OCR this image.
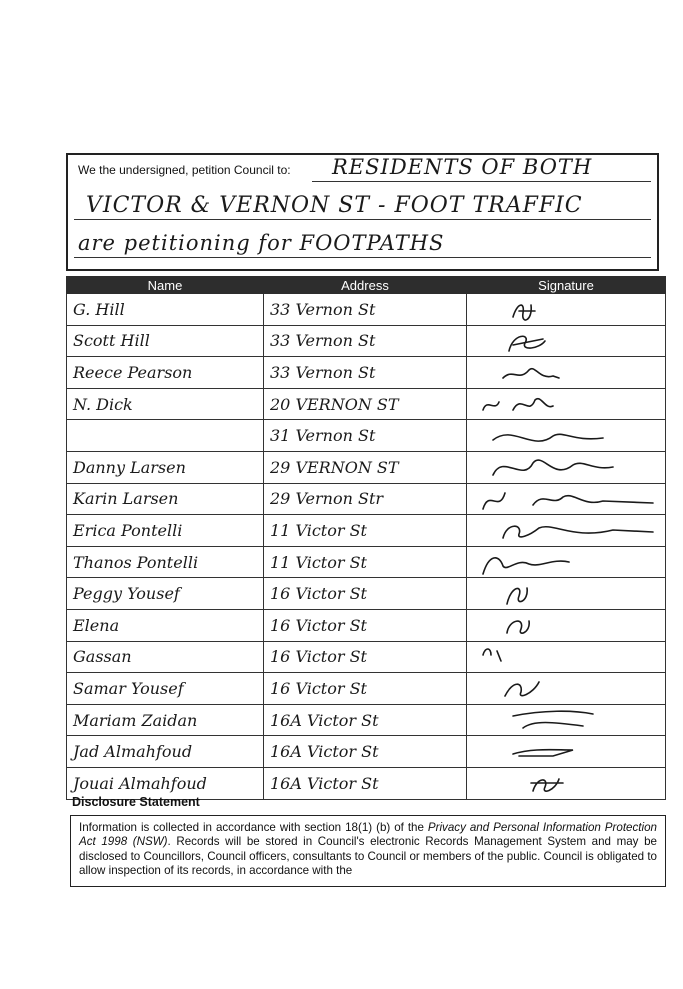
We the undersigned, petition Council to: RESIDENTS OF BOTH
VICTOR & VERNON ST - FOOT TRAFFIC
are petitioning for FOOTPATHS
Name	Address	Signature
G. Hill	33 Vernon St	

Scott Hill	33 Vernon St	

Reece Pearson	33 Vernon St	

N. Dick	20 VERNON ST	

	31 Vernon St	

Danny Larsen	29 VERNON ST	

Karin Larsen	29 Vernon Str	

Erica Pontelli	11 Victor St	

Thanos Pontelli	11 Victor St	

Peggy Yousef	16 Victor St	

Elena	16 Victor St	

Gassan	16 Victor St	

Samar Yousef	16 Victor St	

Mariam Zaidan	16A Victor St	

Jad Almahfoud	16A Victor St	

Jouai Almahfoud	16A Victor St	
Disclosure Statement
Information is collected in accordance with section 18(1) (b) of the Privacy and Personal Information Protection Act 1998 (NSW). Records will be stored in Council's electronic Records Management System and may be disclosed to Councillors, Council officers, consultants to Council or members of the public. Council is obligated to allow inspection of its records, in accordance with the
